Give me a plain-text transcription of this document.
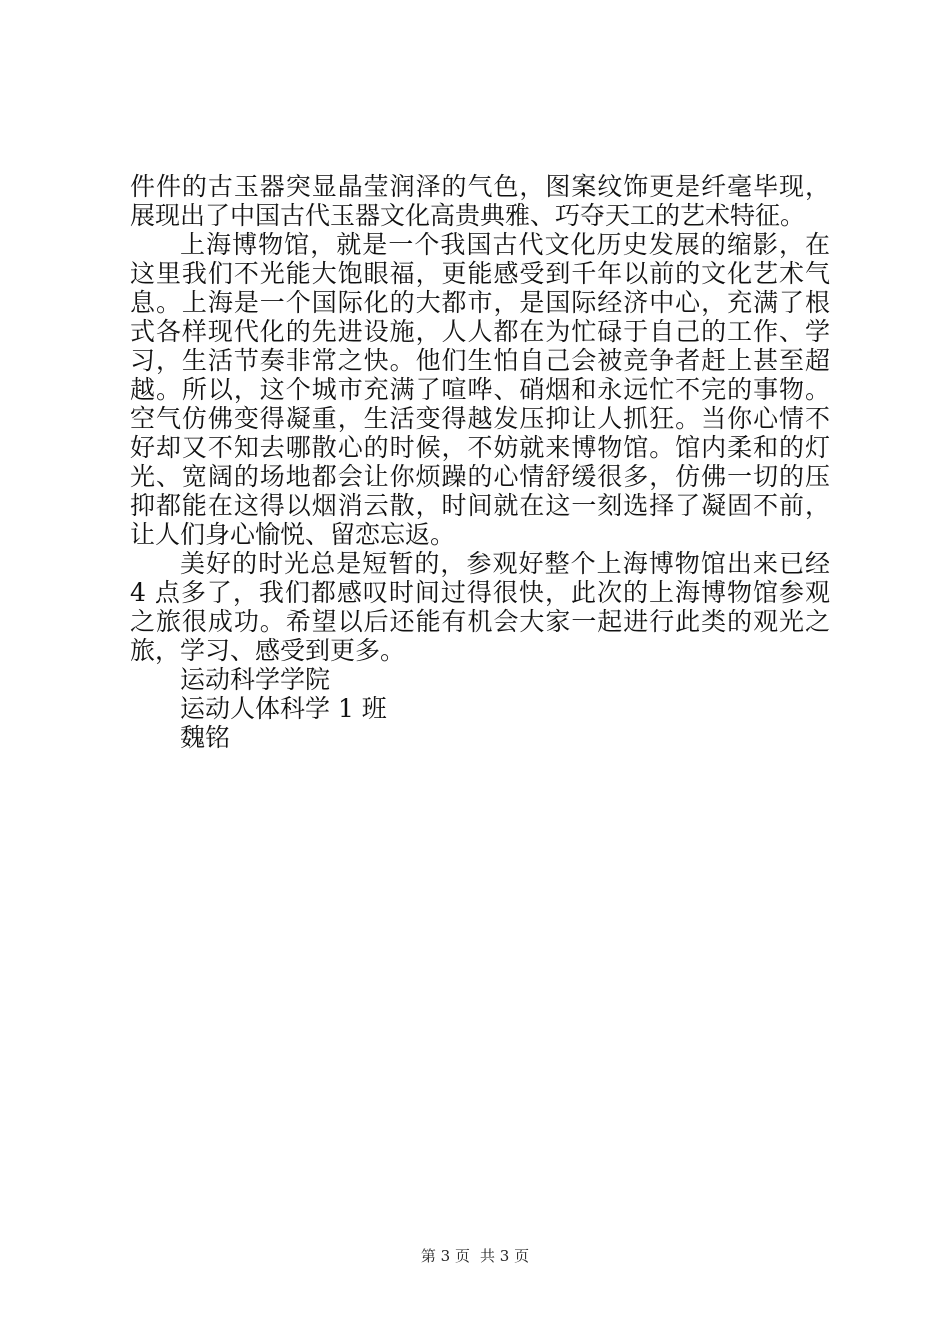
件件的古玉器突显晶莹润泽的气色，图案纹饰更是纤毫毕现，
展现出了中国古代玉器文化高贵典雅、巧夺天工的艺术特征。
上海博物馆，就是一个我国古代文化历史发展的缩影，在
这里我们不光能大饱眼福，更能感受到千年以前的文化艺术气
息。上海是一个国际化的大都市，是国际经济中心，充满了根
式各样现代化的先进设施，人人都在为忙碌于自己的工作、学
习，生活节奏非常之快。他们生怕自己会被竞争者赶上甚至超
越。所以，这个城市充满了喧哗、硝烟和永远忙不完的事物。
空气仿佛变得凝重，生活变得越发压抑让人抓狂。当你心情不
好却又不知去哪散心的时候，不妨就来博物馆。馆内柔和的灯
光、宽阔的场地都会让你烦躁的心情舒缓很多，仿佛一切的压
抑都能在这得以烟消云散，时间就在这一刻选择了凝固不前，
让人们身心愉悦、留恋忘返。
美好的时光总是短暂的，参观好整个上海博物馆出来已经
4 点多了，我们都感叹时间过得很快，此次的上海博物馆参观
之旅很成功。希望以后还能有机会大家一起进行此类的观光之
旅，学习、感受到更多。
运动科学学院
运动人体科学 1 班
魏铭
第 3 页 共 3 页
